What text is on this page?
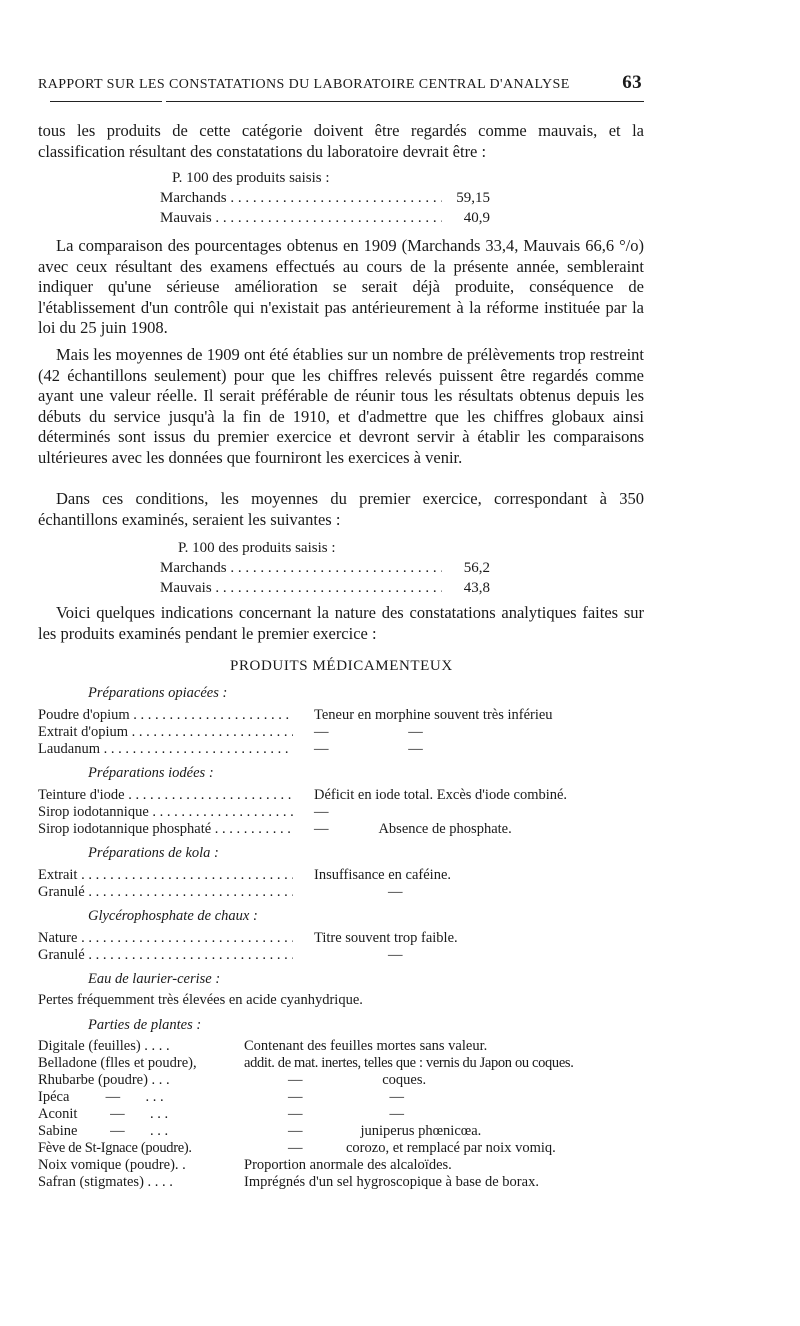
RAPPORT SUR LES CONSTATATIONS DU LABORATOIRE CENTRAL D'ANALYSE	63
tous les produits de cette catégorie doivent être regardés comme mauvais, et la classification résultant des constatations du laboratoire devrait être :
P. 100 des produits saisis :
Marchands . . .	59,15
Mauvais . . .	40,9
La comparaison des pourcentages obtenus en 1909 (Marchands 33,4, Mauvais 66,6 °/o) avec ceux résultant des examens effectués au cours de la présente année, sembleraint indiquer qu'une sérieuse amélioration se serait déjà produite, conséquence de l'établissement d'un contrôle qui n'existait pas antérieurement à la réforme instituée par la loi du 25 juin 1908.
Mais les moyennes de 1909 ont été établies sur un nombre de prélèvements trop restreint (42 échantillons seulement) pour que les chiffres relevés puissent être regardés comme ayant une valeur réelle. Il serait préférable de réunir tous les résultats obtenus depuis les débuts du service jusqu'à la fin de 1910, et d'admettre que les chiffres globaux ainsi déterminés sont issus du premier exercice et devront servir à établir les comparaisons ultérieures avec les données que fourniront les exercices à venir.
Dans ces conditions, les moyennes du premier exercice, correspondant à 350 échantillons examinés, seraient les suivantes :
P. 100 des produits saisis :
Marchands . . .	56,2
Mauvais . . .	43,8
Voici quelques indications concernant la nature des constatations analytiques faites sur les produits examinés pendant le premier exercice :
PRODUITS MÉDICAMENTEUX
Préparations opiacées :
Poudre d'opium . . .	Teneur en morphine souvent très inférieu
Extrait d'opium . . .	—                      —
Laudanum . . .	—                      —
Préparations iodées :
Teinture d'iode . . .	Déficit en iode total. Excès d'iode combiné.
Sirop iodotannique . . .	—
Sirop iodotannique phosphaté . . .	—              Absence de phosphate.
Préparations de kola :
Extrait . . .	Insuffisance en caféine.
Granulé . . .	—
Glycérophosphate de chaux :
Nature . . .	Titre souvent trop faible.
Granulé . . .	—
Eau de laurier-cerise :
Pertes fréquemment très élevées en acide cyanhydrique.
Parties de plantes :
Digitale (feuilles) . . . .	Contenant des feuilles mortes sans valeur.
Belladone (flles et poudre),	addit. de mat. inertes, telles que : vernis du Japon ou coques.
Rhubarbe (poudre) . . .	—                      coques.
Ipéca          —       . . .	—                        —
Aconit         —       . . .	—                        —
Sabine         —       . . .	—                juniperus phœnicœa.
Fève de St-Ignace (poudre).	—            corozo, et remplacé par noix vomiq.
Noix vomique (poudre). .	Proportion anormale des alcaloïdes.
Safran (stigmates) . . . .	Imprégnés d'un sel hygroscopique à base de borax.
